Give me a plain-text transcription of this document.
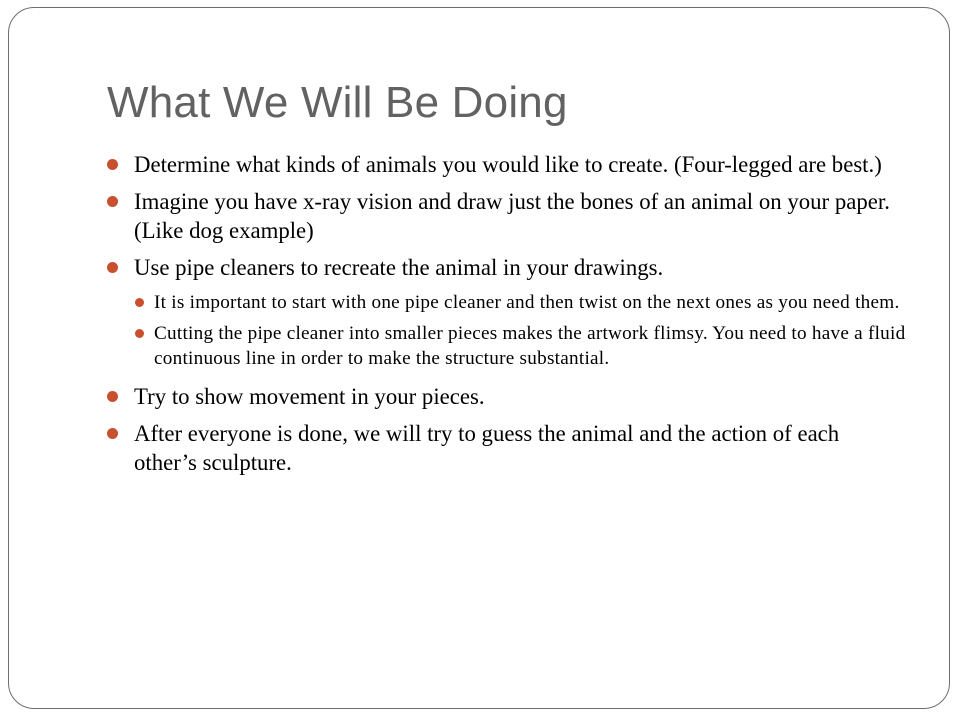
What We Will Be Doing
Determine what kinds of animals you would like to create. (Four-legged are best.)
Imagine you have x-ray vision and draw just the bones of an animal on your paper. (Like dog example)
Use pipe cleaners to recreate the animal in your drawings.
It is important to start with one pipe cleaner and then twist on the next ones as you need them.
Cutting the pipe cleaner into smaller pieces makes the artwork flimsy. You need to have a fluid continuous line in order to make the structure substantial.
Try to show movement in your pieces.
After everyone is done, we will try to guess the animal and the action of each other’s sculpture.
